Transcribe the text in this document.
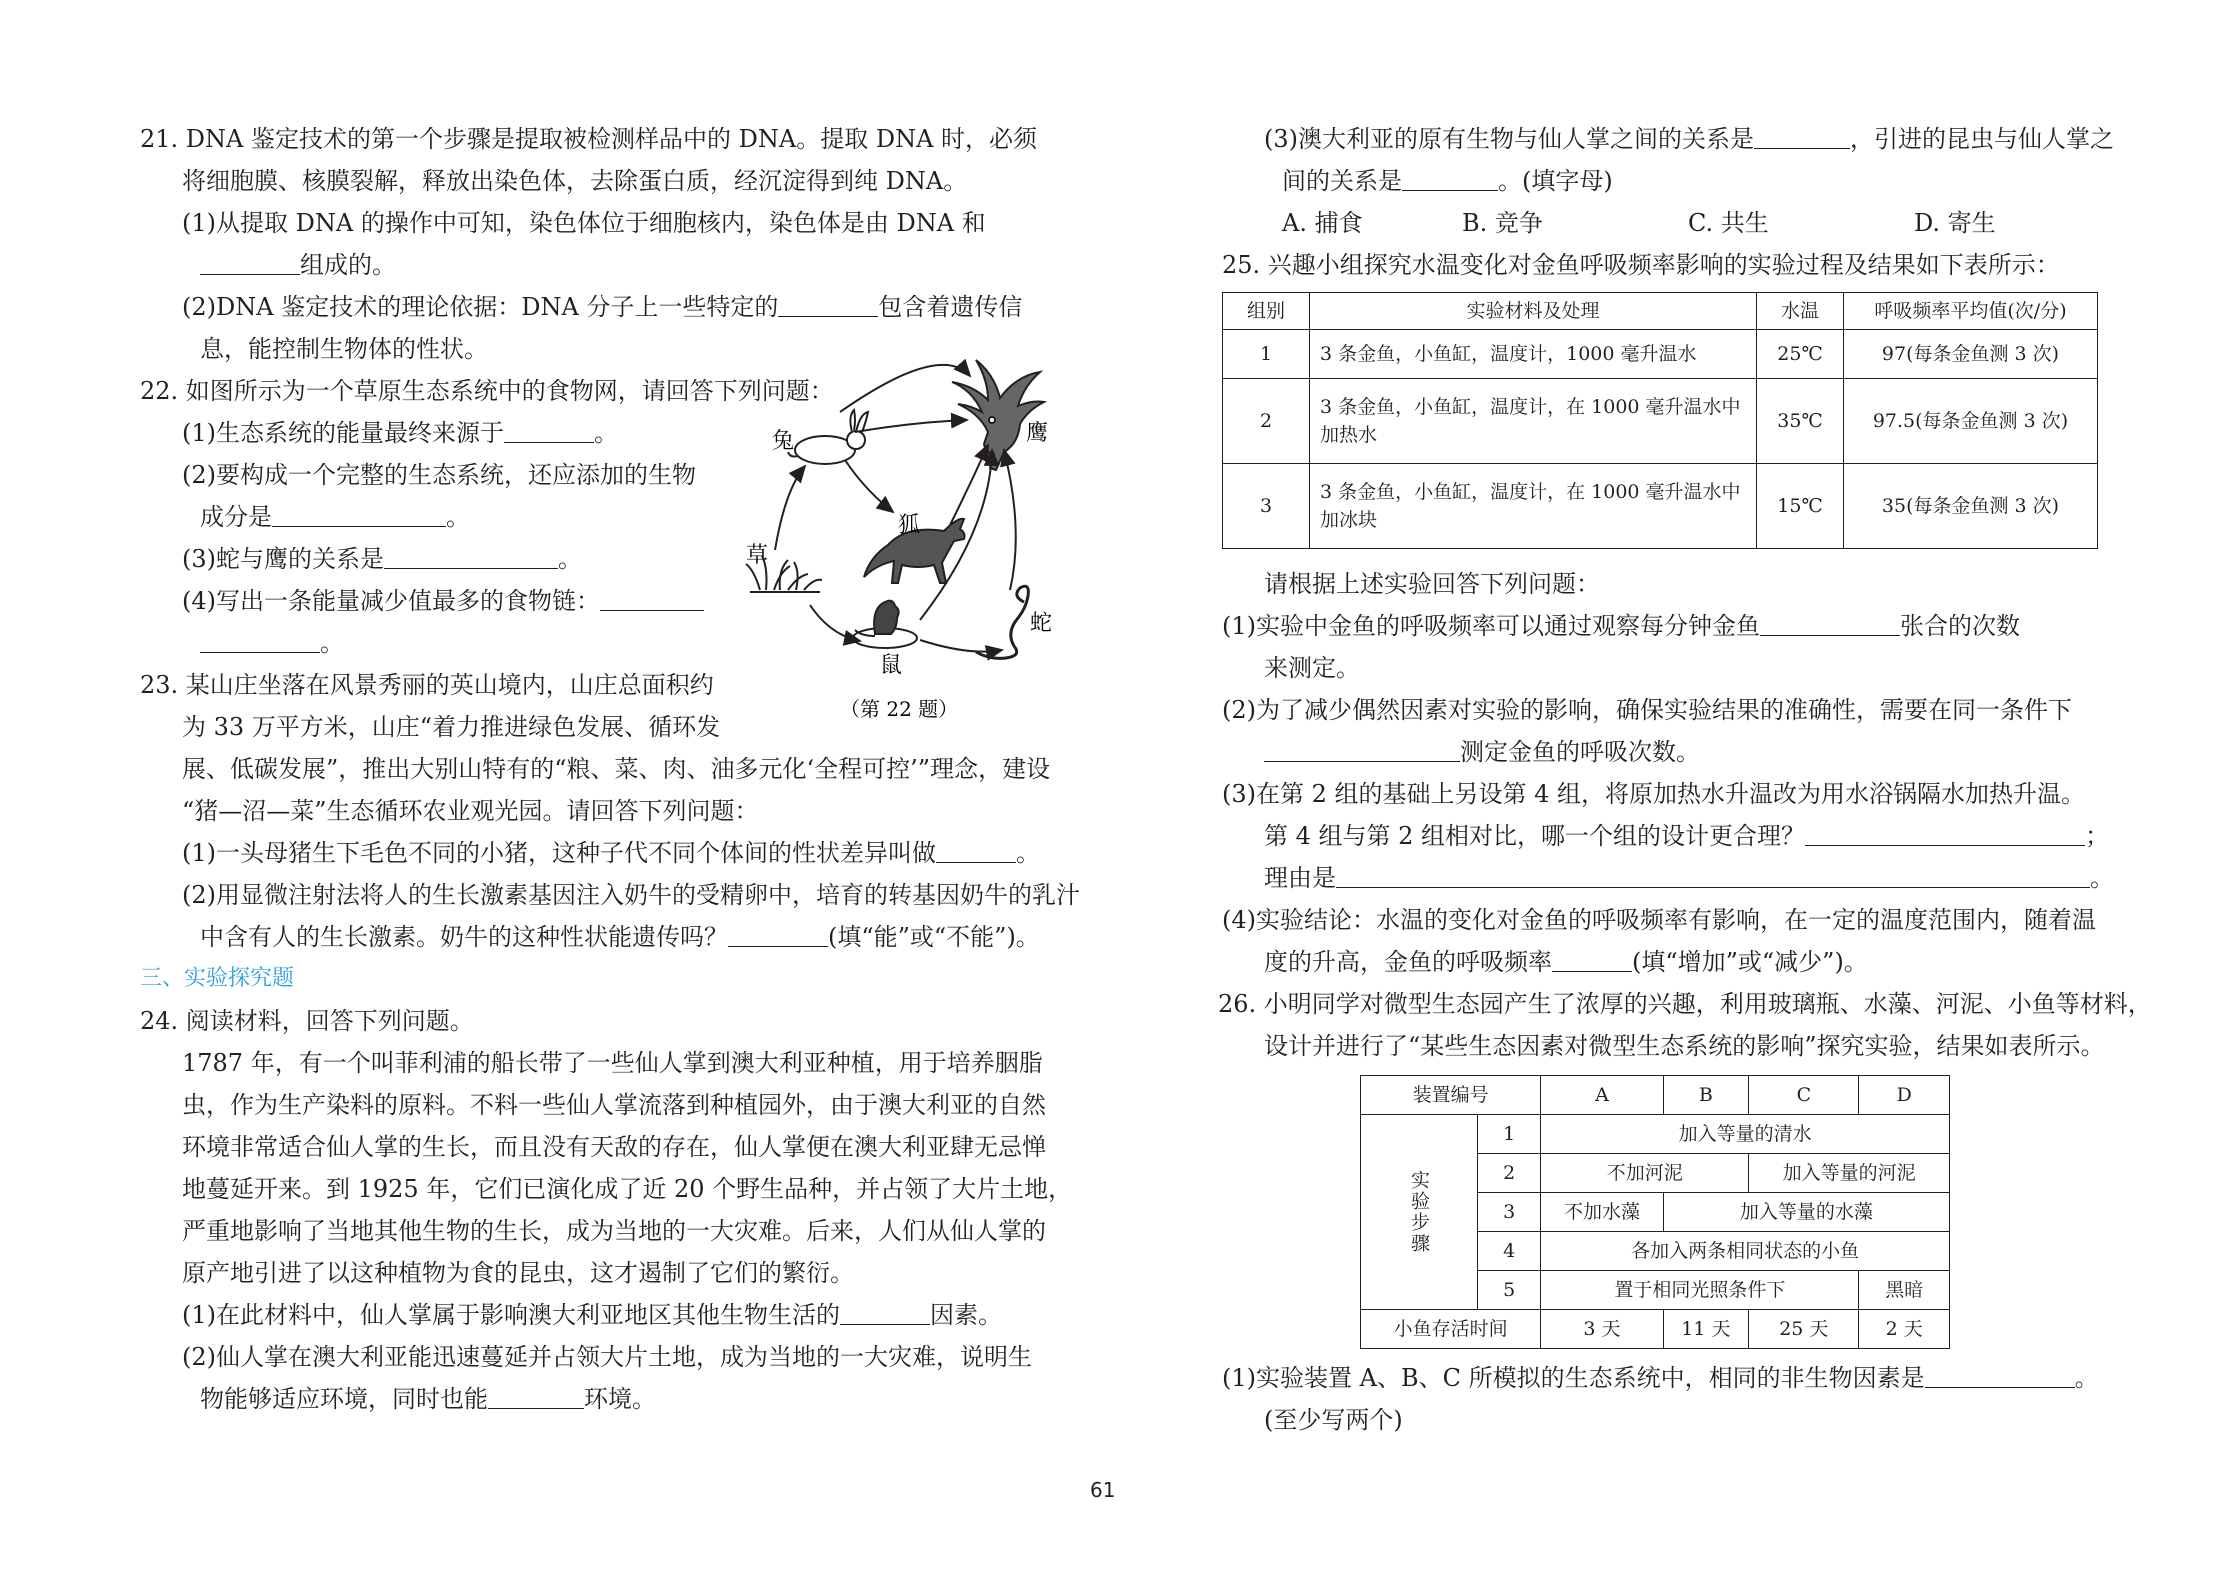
21. DNA 鉴定技术的第一个步骤是提取被检测样品中的 DNA。提取 DNA 时，必须

将细胞膜、核膜裂解，释放出染色体，去除蛋白质，经沉淀得到纯 DNA。

(1)从提取 DNA 的操作中可知，染色体位于细胞核内，染色体是由 DNA 和

组成的。

(2)DNA 鉴定技术的理论依据：DNA 分子上一些特定的	包含着遗传信

息，能控制生物体的性状。

22. 如图所示为一个草原生态系统中的食物网，请回答下列问题：

(1)生态系统的能量最终来源于	。

(2)要构成一个完整的生态系统，还应添加的生物

成分是	。

(3)蛇与鹰的关系是	。

(4)写出一条能量减少值最多的食物链：

。

23. 某山庄坐落在风景秀丽的英山境内，山庄总面积约

为 33 万平方米，山庄“着力推进绿色发展、循环发

展、低碳发展”，推出大别山特有的“粮、菜、肉、油多元化‘全程可控’”理念，建设

“猪—沼—菜”生态循环农业观光园。请回答下列问题：

(1)一头母猪生下毛色不同的小猪，这种子代不同个体间的性状差异叫做	。

(2)用显微注射法将人的生长激素基因注入奶牛的受精卵中，培育的转基因奶牛的乳汁

中含有人的生长激素。奶牛的这种性状能遗传吗？	(填“能”或“不能”)。

三、实验探究题

24. 阅读材料，回答下列问题。

1787 年，有一个叫菲利浦的船长带了一些仙人掌到澳大利亚种植，用于培养胭脂

虫，作为生产染料的原料。不料一些仙人掌流落到种植园外，由于澳大利亚的自然

环境非常适合仙人掌的生长，而且没有天敌的存在，仙人掌便在澳大利亚肆无忌惮

地蔓延开来。到 1925 年，它们已演化成了近 20 个野生品种，并占领了大片土地，

严重地影响了当地其他生物的生长，成为当地的一大灾难。后来，人们从仙人掌的

原产地引进了以这种植物为食的昆虫，这才遏制了它们的繁衍。

(1)在此材料中，仙人掌属于影响澳大利亚地区其他生物生活的	因素。

(2)仙人掌在澳大利亚能迅速蔓延并占领大片土地，成为当地的一大灾难，说明生

物能够适应环境，同时也能	环境。

兔
狐
鹰
草
蛇
鼠
（第 22 题）

(3)澳大利亚的原有生物与仙人掌之间的关系是	，引进的昆虫与仙人掌之

间的关系是	。(填字母)

A. 捕食	B. 竞争	C. 共生	D. 寄生

25. 兴趣小组探究水温变化对金鱼呼吸频率影响的实验过程及结果如下表所示：

组别	实验材料及处理	水温	呼吸频率平均值(次/分)
1	3 条金鱼，小鱼缸，温度计，1000 毫升温水	25℃	97(每条金鱼测 3 次)
2	3 条金鱼，小鱼缸，温度计，在 1000 毫升温水中加热水	35℃	97.5(每条金鱼测 3 次)
3	3 条金鱼，小鱼缸，温度计，在 1000 毫升温水中加冰块	15℃	35(每条金鱼测 3 次)

请根据上述实验回答下列问题：

(1)实验中金鱼的呼吸频率可以通过观察每分钟金鱼	张合的次数

来测定。

(2)为了减少偶然因素对实验的影响，确保实验结果的准确性，需要在同一条件下

测定金鱼的呼吸次数。

(3)在第 2 组的基础上另设第 4 组，将原加热水升温改为用水浴锅隔水加热升温。

第 4 组与第 2 组相对比，哪一个组的设计更合理？	；

理由是	。

(4)实验结论：水温的变化对金鱼的呼吸频率有影响，在一定的温度范围内，随着温

度的升高，金鱼的呼吸频率	(填“增加”或“减少”)。

26. 小明同学对微型生态园产生了浓厚的兴趣，利用玻璃瓶、水藻、河泥、小鱼等材料，

设计并进行了“某些生态因素对微型生态系统的影响”探究实验，结果如表所示。

装置编号		A	B	C	D
实验步骤	1	加入等量的清水			
	2	不加河泥		加入等量的河泥	
	3	不加水藻	加入等量的水藻		
	4	各加入两条相同状态的小鱼			
	5	置于相同光照条件下			黑暗
小鱼存活时间		3 天	11 天	25 天	2 天

(1)实验装置 A、B、C 所模拟的生态系统中，相同的非生物因素是	。

(至少写两个)

61
